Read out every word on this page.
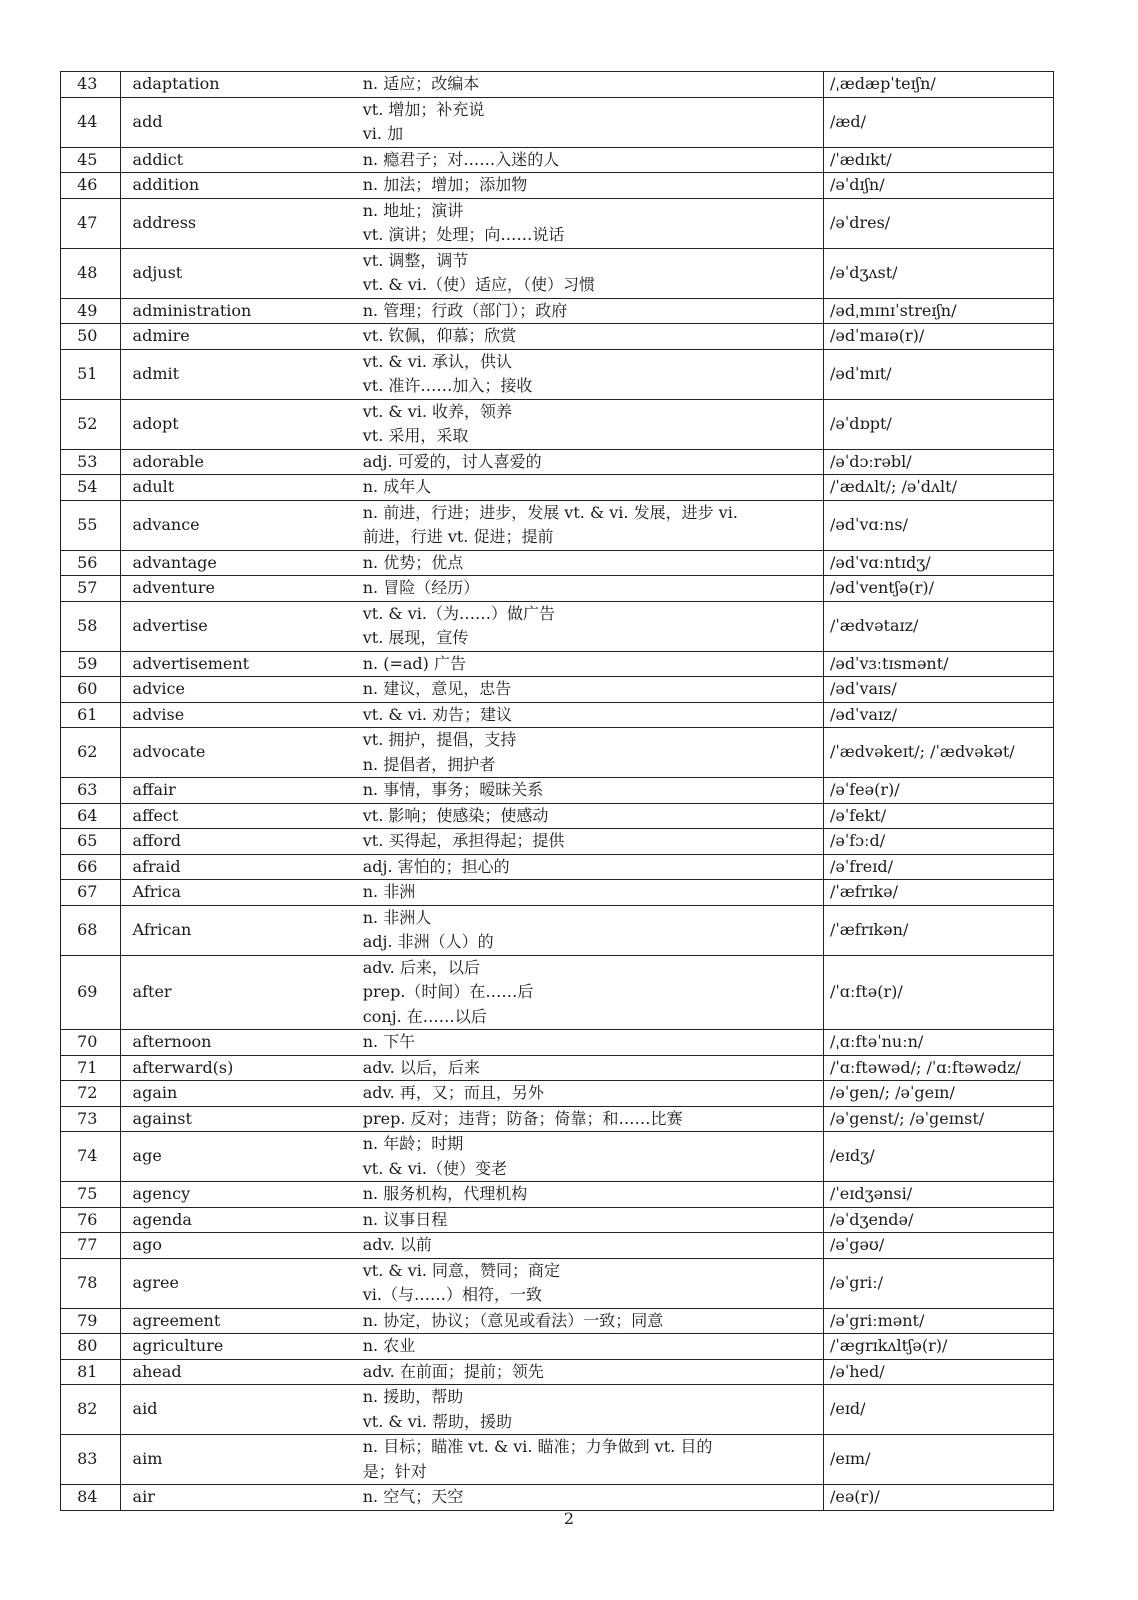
43	adaptation	n. 适应；改编本	/ˌædæpˈteɪʃn/
44	add	vt. 增加；补充说
vi. 加	/æd/
45	addict	n. 瘾君子；对……入迷的人	/ˈædɪkt/
46	addition	n. 加法；增加；添加物	/əˈdɪʃn/
47	address	n. 地址；演讲
vt. 演讲；处理；向……说话	/əˈdres/
48	adjust	vt. 调整，调节
vt. & vi.（使）适应，（使）习惯	/əˈdʒʌst/
49	administration	n. 管理；行政（部门）；政府	/ədˌmɪnɪˈstreɪʃn/
50	admire	vt. 钦佩，仰慕；欣赏	/ədˈmaɪə(r)/
51	admit	vt. & vi. 承认，供认
vt. 准许……加入；接收	/ədˈmɪt/
52	adopt	vt. & vi. 收养，领养
vt. 采用，采取	/əˈdɒpt/
53	adorable	adj. 可爱的，讨人喜爱的	/əˈdɔːrəbl/
54	adult	n. 成年人	/ˈædʌlt/; /əˈdʌlt/
55	advance	n. 前进，行进；进步，发展 vt. & vi. 发展，进步 vi.
前进，行进 vt. 促进；提前	/ədˈvɑːns/
56	advantage	n. 优势；优点	/ədˈvɑːntɪdʒ/
57	adventure	n. 冒险（经历）	/ədˈventʃə(r)/
58	advertise	vt. & vi.（为……）做广告
vt. 展现，宣传	/ˈædvətaɪz/
59	advertisement	n. (=ad) 广告	/ədˈvɜːtɪsmənt/
60	advice	n. 建议，意见，忠告	/ədˈvaɪs/
61	advise	vt. & vi. 劝告；建议	/ədˈvaɪz/
62	advocate	vt. 拥护，提倡，支持
n. 提倡者，拥护者	/ˈædvəkeɪt/; /ˈædvəkət/
63	affair	n. 事情，事务；暧昧关系	/əˈfeə(r)/
64	affect	vt. 影响；使感染；使感动	/əˈfekt/
65	afford	vt. 买得起，承担得起；提供	/əˈfɔːd/
66	afraid	adj. 害怕的；担心的	/əˈfreɪd/
67	Africa	n. 非洲	/ˈæfrɪkə/
68	African	n. 非洲人
adj. 非洲（人）的	/ˈæfrɪkən/
69	after	adv. 后来，以后
prep.（时间）在……后
conj. 在……以后	/ˈɑːftə(r)/
70	afternoon	n. 下午	/ˌɑːftəˈnuːn/
71	afterward(s)	adv. 以后，后来	/ˈɑːftəwəd/; /ˈɑːftəwədz/
72	again	adv. 再，又；而且，另外	/əˈgen/; /əˈgeɪn/
73	against	prep. 反对；违背；防备；倚靠；和……比赛	/əˈgenst/; /əˈgeɪnst/
74	age	n. 年龄；时期
vt. & vi.（使）变老	/eɪdʒ/
75	agency	n. 服务机构，代理机构	/ˈeɪdʒənsi/
76	agenda	n. 议事日程	/əˈdʒendə/
77	ago	adv. 以前	/əˈgəʊ/
78	agree	vt. & vi. 同意，赞同；商定
vi.（与……）相符，一致	/əˈgriː/
79	agreement	n. 协定，协议；（意见或看法）一致；同意	/əˈgriːmənt/
80	agriculture	n. 农业	/ˈægrɪkʌltʃə(r)/
81	ahead	adv. 在前面；提前；领先	/əˈhed/
82	aid	n. 援助，帮助
vt. & vi. 帮助，援助	/eɪd/
83	aim	n. 目标；瞄准 vt. & vi. 瞄准；力争做到 vt. 目的
是；针对	/eɪm/
84	air	n. 空气；天空	/eə(r)/
2
